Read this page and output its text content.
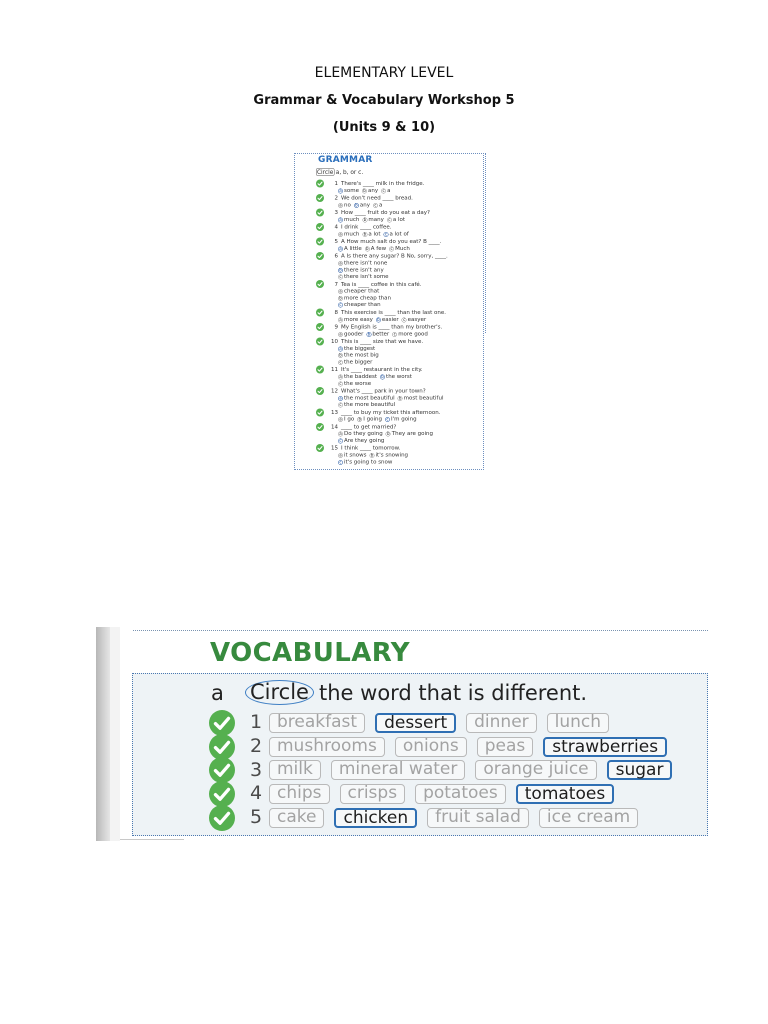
ELEMENTARY LEVEL
Grammar & Vocabulary Workshop 5
(Units 9 & 10)
GRAMMAR
Circle a, b, or c.
1 There's ____ milk in the fridge.
a some b any c a
2 We don't need ____ bread.
a no b any c a
3 How ____ fruit do you eat a day?
a much b many c a lot
4 I drink ____ coffee.
a much b a lot c a lot of
5 A How much salt do you eat? B ____.
a A little b A few c Much
6 A Is there any sugar? B No, sorry, ____.
a there isn't none
b there isn't any
c there isn't some
7 Tea is ____ coffee in this café.
a cheaper that
b more cheap than
c cheaper than
8 This exercise is ____ than the last one.
a more easy b easier c easyer
9 My English is ____ than my brother's.
a gooder b better c more good
10 This is ____ size that we have.
a the biggest
b the most big
c the bigger
11 It's ____ restaurant in the city.
a the baddest b the worst
c the worse
12 What's ____ park in your town?
a the most beautiful b most beautiful
c the more beautiful
13 ____ to buy my ticket this afternoon.
a I go b I going c I'm going
14 ____ to get married?
a Do they going b They are going
c Are they going
15 I think ____ tomorrow.
a it snows b it's snowing
c it's going to snow
VOCABULARY
a Circle the word that is different.
1 breakfast	dessert	dinner	lunch
2 mushrooms	onions	peas	strawberries
3 milk	mineral water	orange juice	sugar
4 chips	crisps	potatoes	tomatoes
5 cake	chicken	fruit salad	ice cream
